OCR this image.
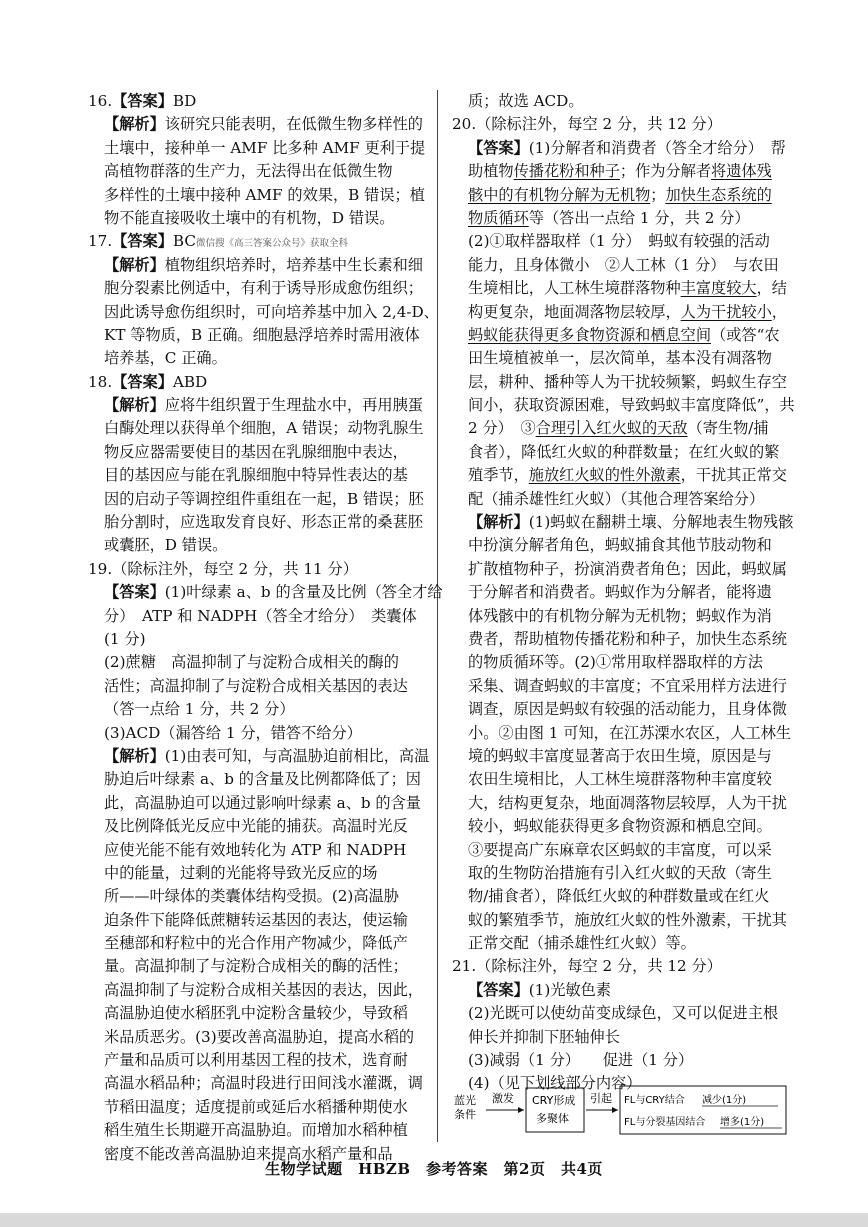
16.【答案】BD
【解析】该研究只能表明，在低微生物多样性的
土壤中，接种单一 AMF 比多种 AMF 更利于提
高植物群落的生产力，无法得出在低微生物
多样性的土壤中接种 AMF 的效果，B 错误；植
物不能直接吸收土壤中的有机物，D 错误。
17.【答案】BC微信搜《高三答案公众号》获取全科
【解析】植物组织培养时，培养基中生长素和细
胞分裂素比例适中，有利于诱导形成愈伤组织；
因此诱导愈伤组织时，可向培养基中加入 2,4-D、
KT 等物质，B 正确。细胞悬浮培养时需用液体
培养基，C 正确。
18.【答案】ABD
【解析】应将牛组织置于生理盐水中，再用胰蛋
白酶处理以获得单个细胞，A 错误；动物乳腺生
物反应器需要使目的基因在乳腺细胞中表达，
目的基因应与能在乳腺细胞中特异性表达的基
因的启动子等调控组件重组在一起，B 错误；胚
胎分割时，应选取发育良好、形态正常的桑葚胚
或囊胚，D 错误。
19.（除标注外，每空 2 分，共 11 分）
【答案】(1)叶绿素 a、b 的含量及比例（答全才给
分）　ATP 和 NADPH（答全才给分）　类囊体
(1 分)
(2)蔗糖　高温抑制了与淀粉合成相关的酶的
活性；高温抑制了与淀粉合成相关基因的表达
（答一点给 1 分，共 2 分）
(3)ACD（漏答给 1 分，错答不给分）
【解析】(1)由表可知，与高温胁迫前相比，高温
胁迫后叶绿素 a、b 的含量及比例都降低了；因
此，高温胁迫可以通过影响叶绿素 a、b 的含量
及比例降低光反应中光能的捕获。高温时光反
应使光能不能有效地转化为 ATP 和 NADPH
中的能量，过剩的光能将导致光反应的场
所——叶绿体的类囊体结构受损。(2)高温胁
迫条件下能降低蔗糖转运基因的表达，使运输
至穗部和籽粒中的光合作用产物减少，降低产
量。高温抑制了与淀粉合成相关的酶的活性；
高温抑制了与淀粉合成相关基因的表达，因此，
高温胁迫使水稻胚乳中淀粉含量较少，导致稻
米品质恶劣。(3)要改善高温胁迫，提高水稻的
产量和品质可以利用基因工程的技术，选育耐
高温水稻品种；高温时段进行田间浅水灌溉，调
节稻田温度；适度提前或延后水稻播种期使水
稻生殖生长期避开高温胁迫。而增加水稻种植
密度不能改善高温胁迫来提高水稻产量和品
质；故选 ACD。
20.（除标注外，每空 2 分，共 12 分）
【答案】(1)分解者和消费者（答全才给分）　帮
助植物传播花粉和种子；作为分解者将遗体残
骸中的有机物分解为无机物；加快生态系统的
物质循环等（答出一点给 1 分，共 2 分）
(2)①取样器取样（1 分）　蚂蚁有较强的活动
能力，且身体微小　②人工林（1 分）　与农田
生境相比，人工林生境群落物种丰富度较大，结
构更复杂，地面凋落物层较厚，人为干扰较小，
蚂蚁能获得更多食物资源和栖息空间（或答“农
田生境植被单一，层次简单，基本没有凋落物
层，耕种、播种等人为干扰较频繁，蚂蚁生存空
间小，获取资源困难，导致蚂蚁丰富度降低”，共
2 分）　③合理引入红火蚁的天敌（寄生物/捕
食者），降低红火蚁的种群数量；在红火蚁的繁
殖季节，施放红火蚁的性外激素，干扰其正常交
配（捕杀雄性红火蚁）（其他合理答案给分）
【解析】(1)蚂蚁在翻耕土壤、分解地表生物残骸
中扮演分解者角色，蚂蚁捕食其他节肢动物和
扩散植物种子，扮演消费者角色；因此，蚂蚁属
于分解者和消费者。蚂蚁作为分解者，能将遗
体残骸中的有机物分解为无机物；蚂蚁作为消
费者，帮助植物传播花粉和种子，加快生态系统
的物质循环等。(2)①常用取样器取样的方法
采集、调查蚂蚁的丰富度；不宜采用样方法进行
调查，原因是蚂蚁有较强的活动能力，且身体微
小。②由图 1 可知，在江苏溧水农区，人工林生
境的蚂蚁丰富度显著高于农田生境，原因是与
农田生境相比，人工林生境群落物种丰富度较
大，结构更复杂，地面凋落物层较厚，人为干扰
较小，蚂蚁能获得更多食物资源和栖息空间。
③要提高广东麻章农区蚂蚁的丰富度，可以采
取的生物防治措施有引入红火蚁的天敌（寄生
物/捕食者），降低红火蚁的种群数量或在红火
蚁的繁殖季节，施放红火蚁的性外激素，干扰其
正常交配（捕杀雄性红火蚁）等。
21.（除标注外，每空 2 分，共 12 分）
【答案】(1)光敏色素
(2)光既可以使幼苗变成绿色，又可以促进主根
伸长并抑制下胚轴伸长
(3)减弱（1 分）　　促进（1 分）
(4)（见下划线部分内容）
蓝光
条件
激发 CRY形成
多聚体
引起 FL与CRY结合 减少(1分)
FL与分裂基因结合 增多(1分)
生物学试题　HBZB　参考答案　第2页　共4页
